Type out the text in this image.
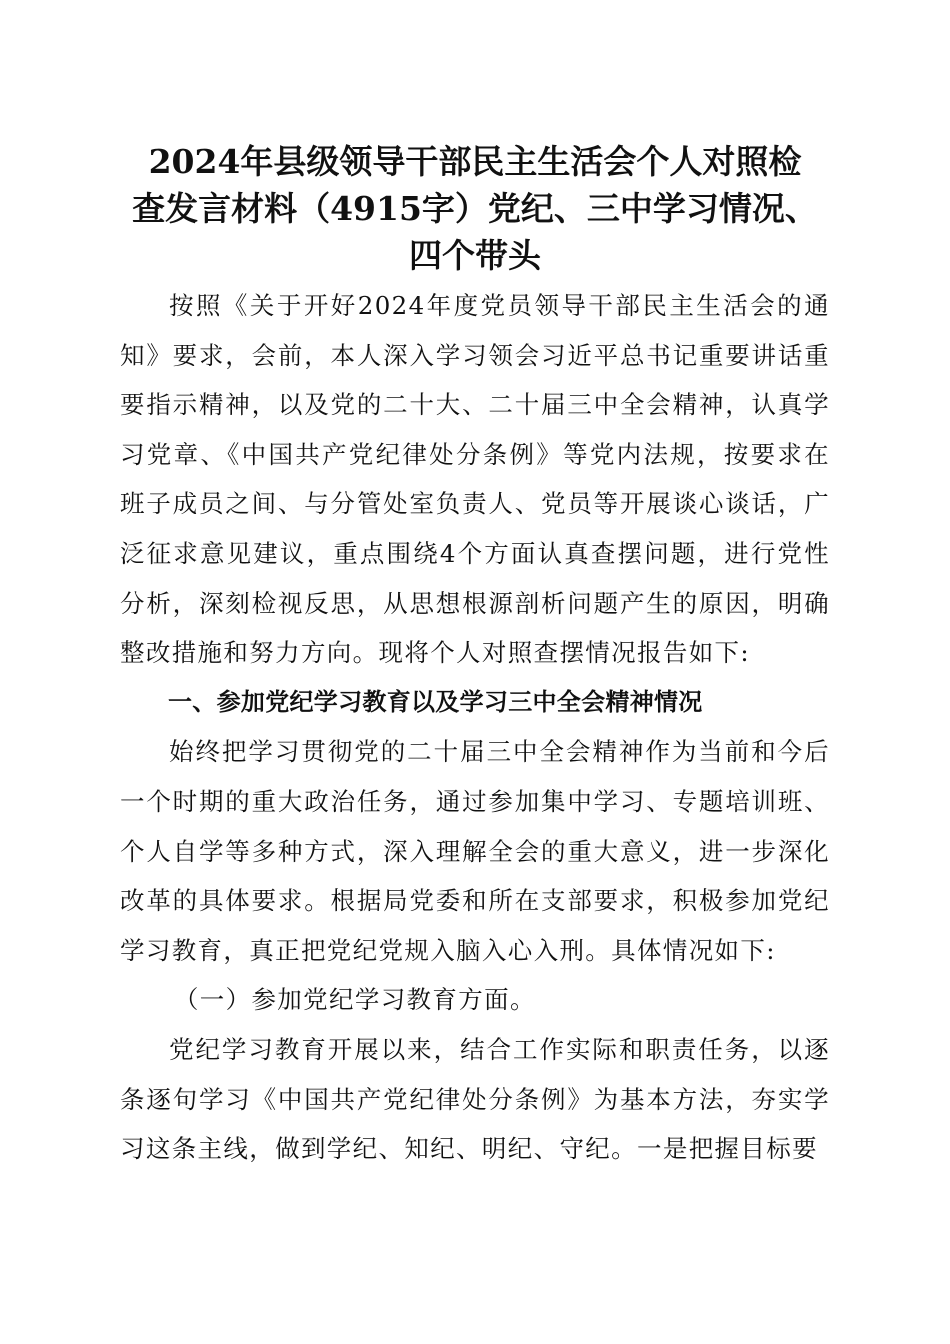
2024年县级领导干部民主生活会个人对照检
查发言材料（4915字）党纪、三中学习情况、
四个带头

按照《关于开好2024年度党员领导干部民主生活会的通知》要求，会前，本人深入学习领会习近平总书记重要讲话重要指示精神，以及党的二十大、二十届三中全会精神，认真学习党章、《中国共产党纪律处分条例》等党内法规，按要求在班子成员之间、与分管处室负责人、党员等开展谈心谈话，广泛征求意见建议，重点围绕4个方面认真查摆问题，进行党性分析，深刻检视反思，从思想根源剖析问题产生的原因，明确整改措施和努力方向。现将个人对照查摆情况报告如下:

一、参加党纪学习教育以及学习三中全会精神情况

始终把学习贯彻党的二十届三中全会精神作为当前和今后一个时期的重大政治任务，通过参加集中学习、专题培训班、个人自学等多种方式，深入理解全会的重大意义，进一步深化改革的具体要求。根据局党委和所在支部要求，积极参加党纪学习教育，真正把党纪党规入脑入心入刑。具体情况如下:

（一）参加党纪学习教育方面。

党纪学习教育开展以来，结合工作实际和职责任务，以逐条逐句学习《中国共产党纪律处分条例》为基本方法，夯实学习这条主线，做到学纪、知纪、明纪、守纪。一是把握目标要
